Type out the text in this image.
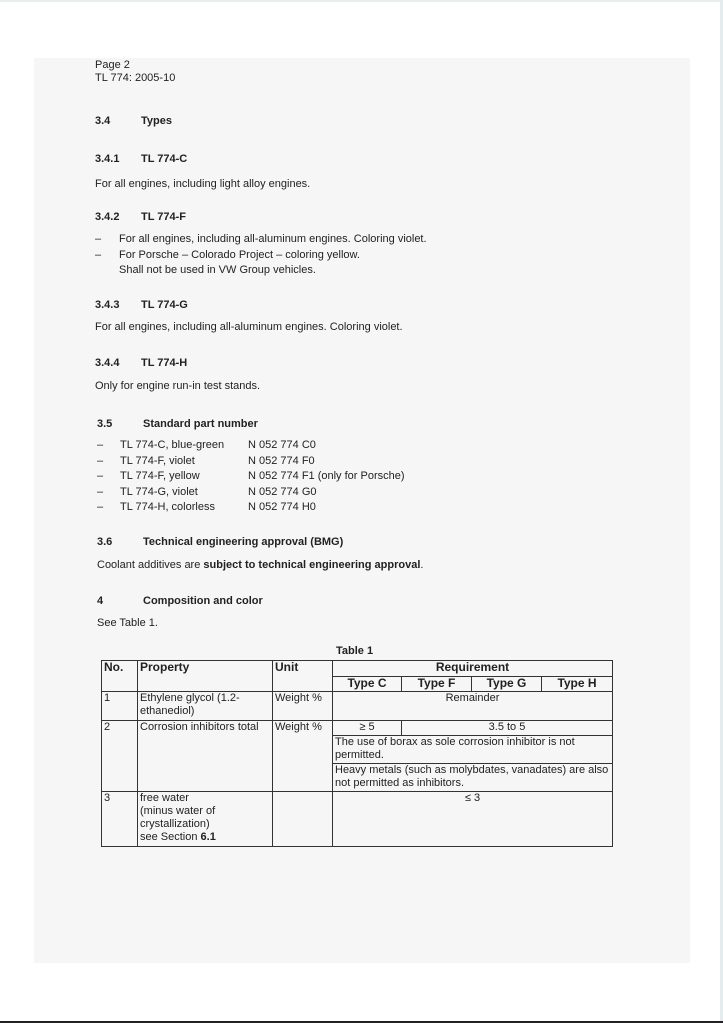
Page 2
TL 774: 2005-10
3.4	Types
3.4.1 TL 774-C
For all engines, including light alloy engines.
3.4.2 TL 774-F
– For all engines, including all-aluminum engines. Coloring violet.
– For Porsche – Colorado Project – coloring yellow.
Shall not be used in VW Group vehicles.
3.4.3 TL 774-G
For all engines, including all-aluminum engines. Coloring violet.
3.4.4 TL 774-H
Only for engine run-in test stands.
3.5	Standard part number
– TL 774-C, blue-green N 052 774 C0
– TL 774-F, violet	N 052 774 F0
– TL 774-F, yellow	N 052 774 F1 (only for Porsche)
– TL 774-G, violet	N 052 774 G0
– TL 774-H, colorless	N 052 774 H0
3.6	Technical engineering approval (BMG)
Coolant additives are subject to technical engineering approval.
4	Composition and color
See Table 1.
Table 1
No.	Property	Unit	Requirement			
			Type C	Type F	Type G	Type H
1	Ethylene glycol (1.2-ethanediol)	Weight %	Remainder			
2	Corrosion inhibitors total	Weight %	≥ 5	3.5 to 5		
			The use of borax as sole corrosion inhibitor is not permitted.			
			Heavy metals (such as molybdates, vanadates) are also not permitted as inhibitors.			
3	free water
(minus water of
crystallization)
see Section 6.1		≤ 3			
